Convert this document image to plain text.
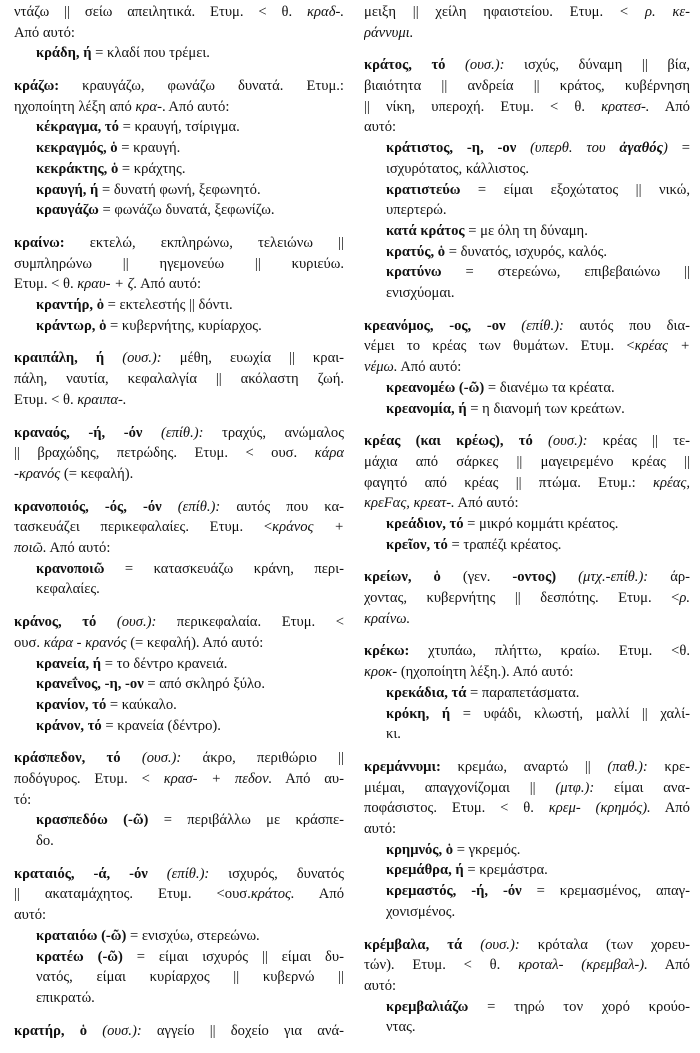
ντάζω || σείω απειλητικά. Ετυμ. < θ. κραδ-.
Από αυτό:
κράδη, ή = κλαδί που τρέμει.
κράζω: κραυγάζω, φωνάζω δυνατά. Ετυμ.:
ηχοποίητη λέξη από κρα-. Από αυτό:
κέκραγμα, τό = κραυγή, τσίριγμα.
κεκραγμός, ὁ = κραυγή.
κεκράκτης, ὁ = κράχτης.
κραυγή, ή = δυνατή φωνή, ξεφωνητό.
κραυγάζω = φωνάζω δυνατά, ξεφωνίζω.
κραίνω: εκτελώ, εκπληρώνω, τελειώνω ||
συμπληρώνω || ηγεμονεύω || κυριεύω.
Ετυμ. < θ. κραυ- + ζ. Από αυτό:
κραντήρ, ὁ = εκτελεστής || δόντι.
κράντωρ, ὁ = κυβερνήτης, κυρίαρχος.
κραιπάλη, ή (ουσ.): μέθη, ευωχία || κραι-
πάλη, ναυτία, κεφαλαλγία || ακόλαστη ζωή.
Ετυμ. < θ. κραιπα-.
κραναός, -ή, -όν (επίθ.): τραχύς, ανώμαλος
|| βραχώδης, πετρώδης. Ετυμ. < ουσ. κάρα
-κρανός (= κεφαλή).
κρανοποιός, -ός, -όν (επίθ.): αυτός που κα-
τασκευάζει περικεφαλαίες. Ετυμ. <κράνος +
ποιῶ. Από αυτό:
κρανοποιῶ = κατασκευάζω κράνη, περι-
κεφαλαίες.
κράνος, τό (ουσ.): περικεφαλαία. Ετυμ. <
ουσ. κάρα - κρανός (= κεφαλή). Από αυτό:
κρανεία, ή = το δέντρο κρανειά.
κρανεΐνος, -η, -ον = από σκληρό ξύλο.
κρανίον, τό = καύκαλο.
κράνον, τό = κρανεία (δέντρο).
κράσπεδον, τό (ουσ.): άκρο, περιθώριο ||
ποδόγυρος. Ετυμ. < κρασ- + πεδον. Από αυ-
τό:
κρασπεδόω (-ῶ) = περιβάλλω με κράσπε-
δο.
κραταιός, -ά, -όν (επίθ.): ισχυρός, δυνατός
|| ακαταμάχητος. Ετυμ. <ουσ.κράτος. Από
αυτό:
κραταιόω (-ῶ) = ενισχύω, στερεώνω.
κρατέω (-ῶ) = είμαι ισχυρός || είμαι δυ-
νατός, είμαι κυρίαρχος || κυβερνώ ||
επικρατώ.
κρατήρ, ὁ (ουσ.): αγγείο || δοχείο για ανά-
μειξη || χείλη ηφαιστείου. Ετυμ. < ρ. κε-
ράννυμι.
κράτος, τό (ουσ.): ισχύς, δύναμη || βία,
βιαιότητα || ανδρεία || κράτος, κυβέρνηση
|| νίκη, υπεροχή. Ετυμ. < θ. κρατεσ-. Από
αυτό:
κράτιστος, -η, -ον (υπερθ. του ἀγαθός) =
ισχυρότατος, κάλλιστος.
κρατιστεύω = είμαι εξοχώτατος || νικώ,
υπερτερώ.
κατά κράτος = με όλη τη δύναμη.
κρατύς, ὁ = δυνατός, ισχυρός, καλός.
κρατύνω = στερεώνω, επιβεβαιώνω ||
ενισχύομαι.
κρεανόμος, -ος, -ον (επίθ.): αυτός που δια-
νέμει το κρέας των θυμάτων. Ετυμ. <κρέας +
νέμω. Από αυτό:
κρεανομέω (-ῶ) = διανέμω τα κρέατα.
κρεανομία, ή = η διανομή των κρεάτων.
κρέας (και κρέως), τό (ουσ.): κρέας || τε-
μάχια από σάρκες || μαγειρεμένο κρέας ||
φαγητό από κρέας || πτώμα. Ετυμ.: κρέας,
κρεFας, κρεατ-. Από αυτό:
κρεάδιον, τό = μικρό κομμάτι κρέατος.
κρεῖον, τό = τραπέζι κρέατος.
κρείων, ὁ (γεν. -οντος) (μτχ.-επίθ.): άρ-
χοντας, κυβερνήτης || δεσπότης. Ετυμ. <ρ.
κραίνω.
κρέκω: χτυπάω, πλήττω, κραίω. Ετυμ. <θ.
κροκ- (ηχοποίητη λέξη.). Από αυτό:
κρεκάδια, τά = παραπετάσματα.
κρόκη, ή = υφάδι, κλωστή, μαλλί || χαλί-
κι.
κρεμάννυμι: κρεμάω, αναρτώ || (παθ.): κρε-
μιέμαι, απαγχονίζομαι || (μτφ.): είμαι ανα-
ποφάσιστος. Ετυμ. < θ. κρεμ- (κρημός). Από
αυτό:
κρημνός, ὁ = γκρεμός.
κρεμάθρα, ή = κρεμάστρα.
κρεμαστός, -ή, -όν = κρεμασμένος, απαγ-
χονισμένος.
κρέμβαλα, τά (ουσ.): κρόταλα (των χορευ-
τών). Ετυμ. < θ. κροταλ- (κρεμβαλ-). Από
αυτό:
κρεμβαλιάζω = τηρώ τον χορό κρούο-
ντας.
